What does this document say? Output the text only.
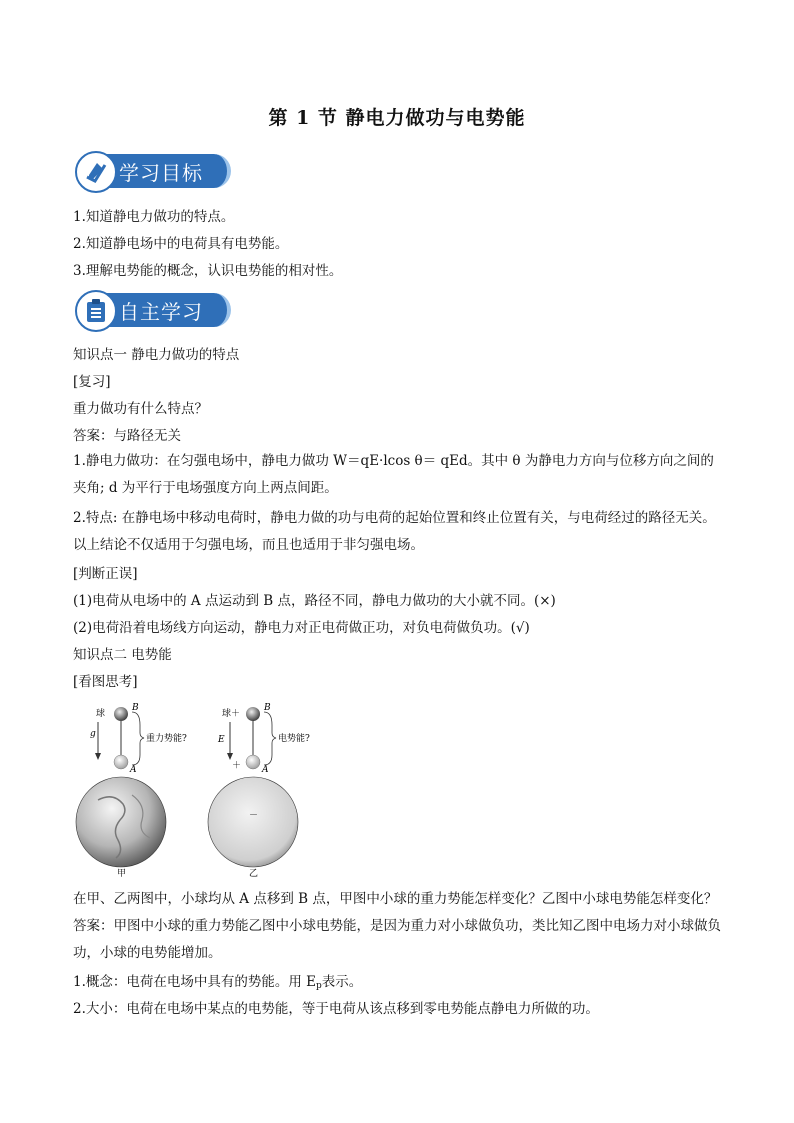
第 1 节 静电力做功与电势能
学习目标
1.知道静电力做功的特点。
2.知道静电场中的电荷具有电势能。
3.理解电势能的概念，认识电势能的相对性。
自主学习
知识点一 静电力做功的特点
[复习]
重力做功有什么特点？
答案：与路径无关
1.静电力做功：在匀强电场中，静电力做功 W＝qE·lcos θ＝ qEd。其中 θ 为静电力方向与位移方向之间的夹角; d 为平行于电场强度方向上两点间距。
2.特点: 在静电场中移动电荷时，静电力做的功与电荷的起始位置和终止位置有关，与电荷经过的路径无关。以上结论不仅适用于匀强电场，而且也适用于非匀强电场。
[判断正误]
(1)电荷从电场中的 A 点运动到 B 点，路径不同，静电力做功的大小就不同。(×)
(2)电荷沿着电场线方向运动，静电力对正电荷做正功，对负电荷做负功。(√)
知识点二 电势能
[看图思考]
球
B
A
g	重力势能?
甲
球＋
B
＋ A
E	电势能?
－
乙
在甲、乙两图中，小球均从 A 点移到 B 点，甲图中小球的重力势能怎样变化？乙图中小球电势能怎样变化？
答案：甲图中小球的重力势能乙图中小球电势能，是因为重力对小球做负功，类比知乙图中电场力对小球做负功，小球的电势能增加。
1.概念：电荷在电场中具有的势能。用 $E_p$表示。
2.大小：电荷在电场中某点的电势能，等于电荷从该点移到零电势能点静电力所做的功。
